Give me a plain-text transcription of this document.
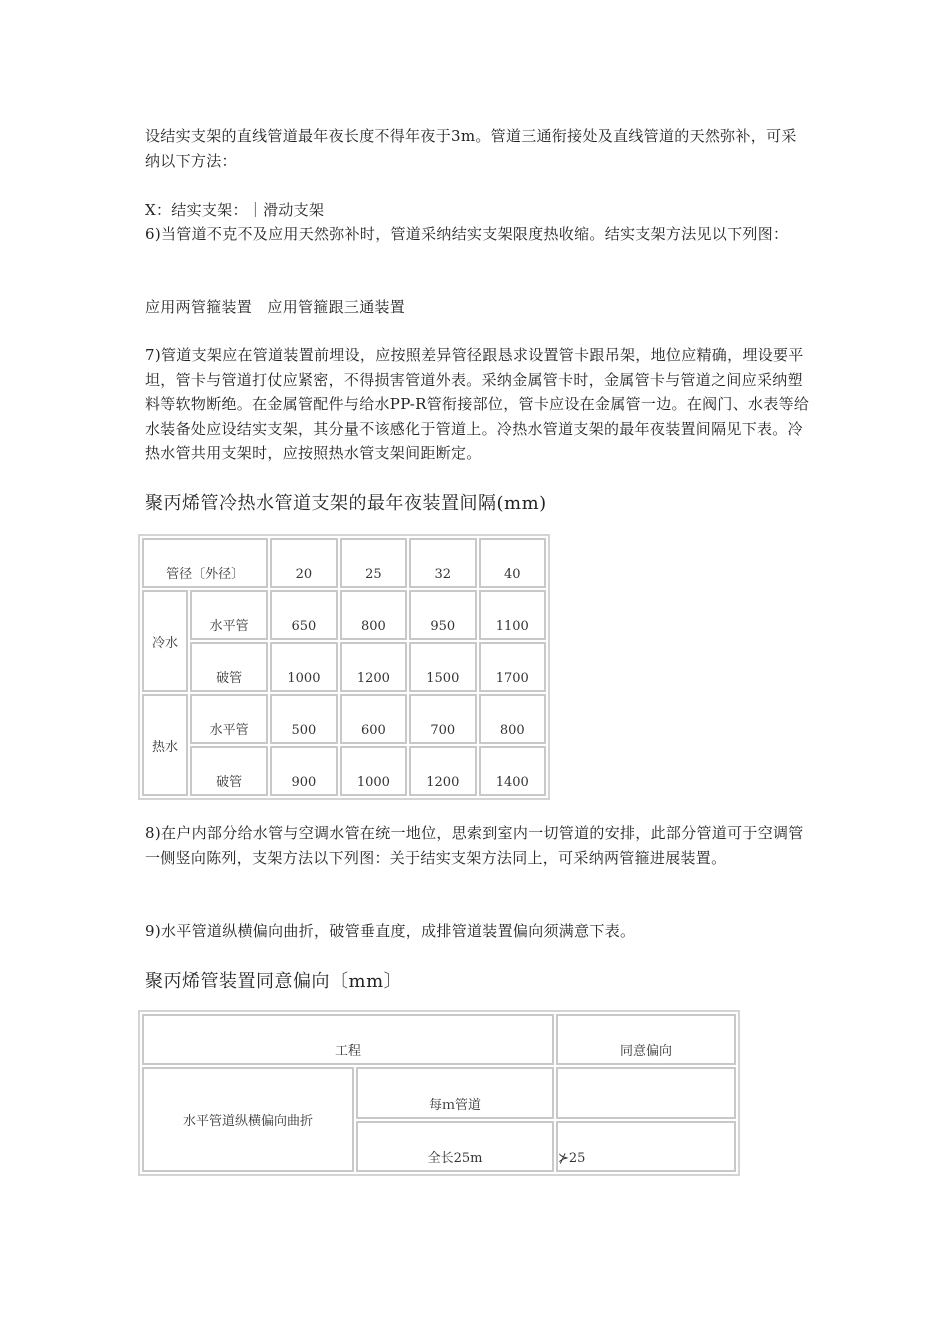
设结实支架的直线管道最年夜长度不得年夜于3m。管道三通衔接处及直线管道的天然弥补，可采纳以下方法：

X：结实支架：｜滑动支架

6)当管道不克不及应用天然弥补时，管道采纳结实支架限度热收缩。结实支架方法见以下列图：

应用两管箍装置　应用管箍跟三通装置

7)管道支架应在管道装置前埋设，应按照差异管径跟恳求设置管卡跟吊架，地位应精确，埋设要平坦，管卡与管道打仗应紧密，不得损害管道外表。采纳金属管卡时，金属管卡与管道之间应采纳塑料等软物断绝。在金属管配件与给水PP-R管衔接部位，管卡应设在金属管一边。在阀门、水表等给水装备处应设结实支架，其分量不该感化于管道上。冷热水管道支架的最年夜装置间隔见下表。冷热水管共用支架时，应按照热水管支架间距断定。

聚丙烯管冷热水管道支架的最年夜装置间隔(mm)
管径〔外径〕		20	25	32	40
冷水	水平管	650	800	950	1100
	破管	1000	1200	1500	1700
热水	水平管	500	600	700	800
	破管	900	1000	1200	1400

8)在户内部分给水管与空调水管在统一地位，思索到室内一切管道的安排，此部分管道可于空调管一侧竖向陈列，支架方法以下列图：关于结实支架方法同上，可采纳两管箍进展装置。

9)水平管道纵横偏向曲折，破管垂直度，成排管道装置偏向须满意下表。

聚丙烯管装置同意偏向〔mm〕
工程		同意偏向
水平管道纵横偏向曲折	每ｍ管道	
	全长25m	⊁25
